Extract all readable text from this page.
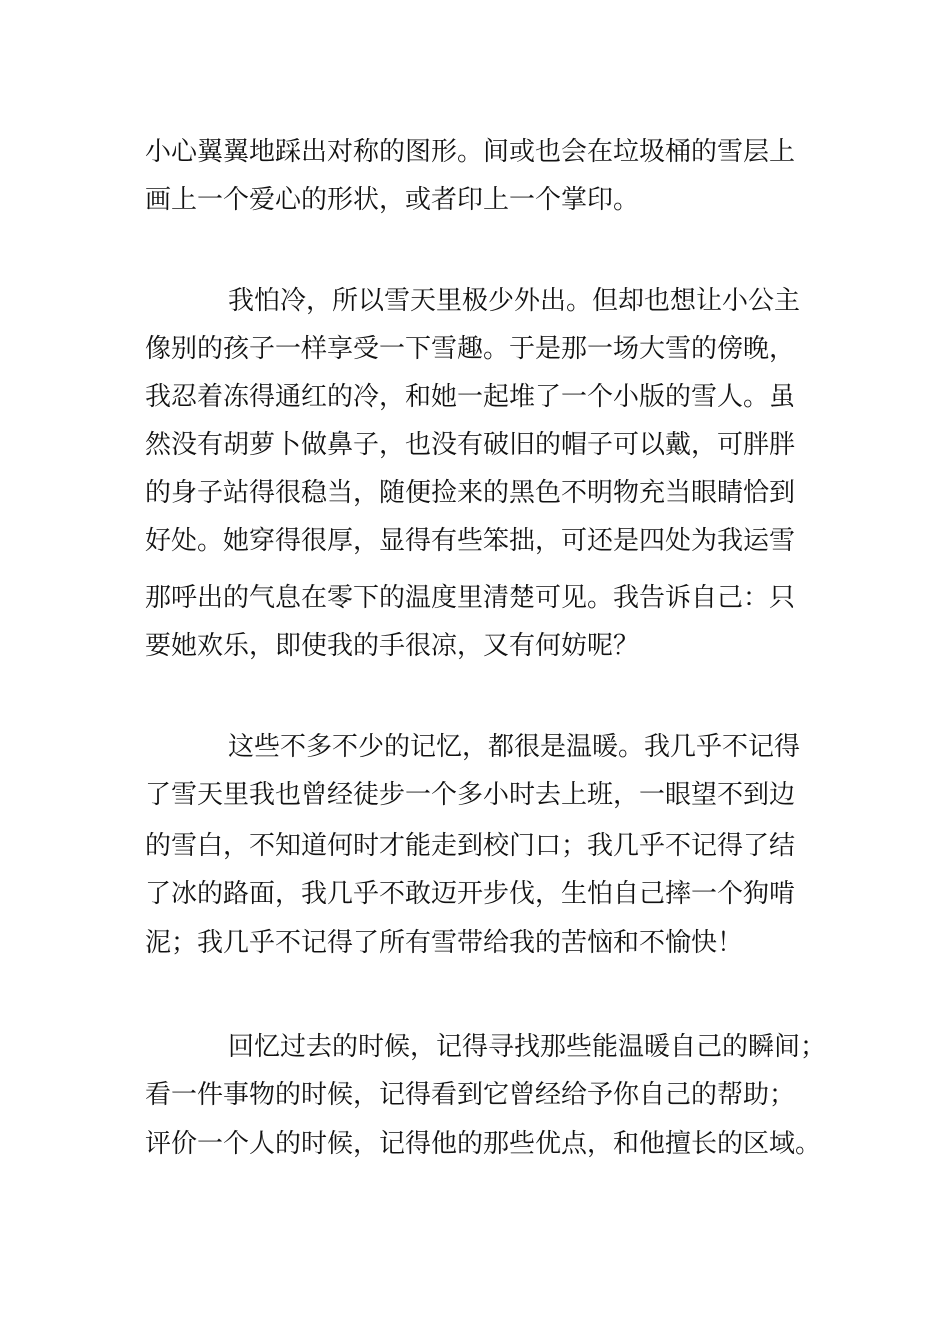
小心翼翼地踩出对称的图形。间或也会在垃圾桶的雪层上

画上一个爱心的形状，或者印上一个掌印。

我怕冷，所以雪天里极少外出。但却也想让小公主

像别的孩子一样享受一下雪趣。于是那一场大雪的傍晚，

我忍着冻得通红的冷，和她一起堆了一个小版的雪人。虽

然没有胡萝卜做鼻子，也没有破旧的帽子可以戴，可胖胖

的身子站得很稳当，随便捡来的黑色不明物充当眼睛恰到

好处。她穿得很厚，显得有些笨拙，可还是四处为我运雪

那呼出的气息在零下的温度里清楚可见。我告诉自己：只

要她欢乐，即使我的手很凉，又有何妨呢？

这些不多不少的记忆，都很是温暖。我几乎不记得

了雪天里我也曾经徒步一个多小时去上班，一眼望不到边

的雪白，不知道何时才能走到校门口；我几乎不记得了结

了冰的路面，我几乎不敢迈开步伐，生怕自己摔一个狗啃

泥；我几乎不记得了所有雪带给我的苦恼和不愉快！

回忆过去的时候，记得寻找那些能温暖自己的瞬间；

看一件事物的时候，记得看到它曾经给予你自己的帮助；

评价一个人的时候，记得他的那些优点，和他擅长的区域。
